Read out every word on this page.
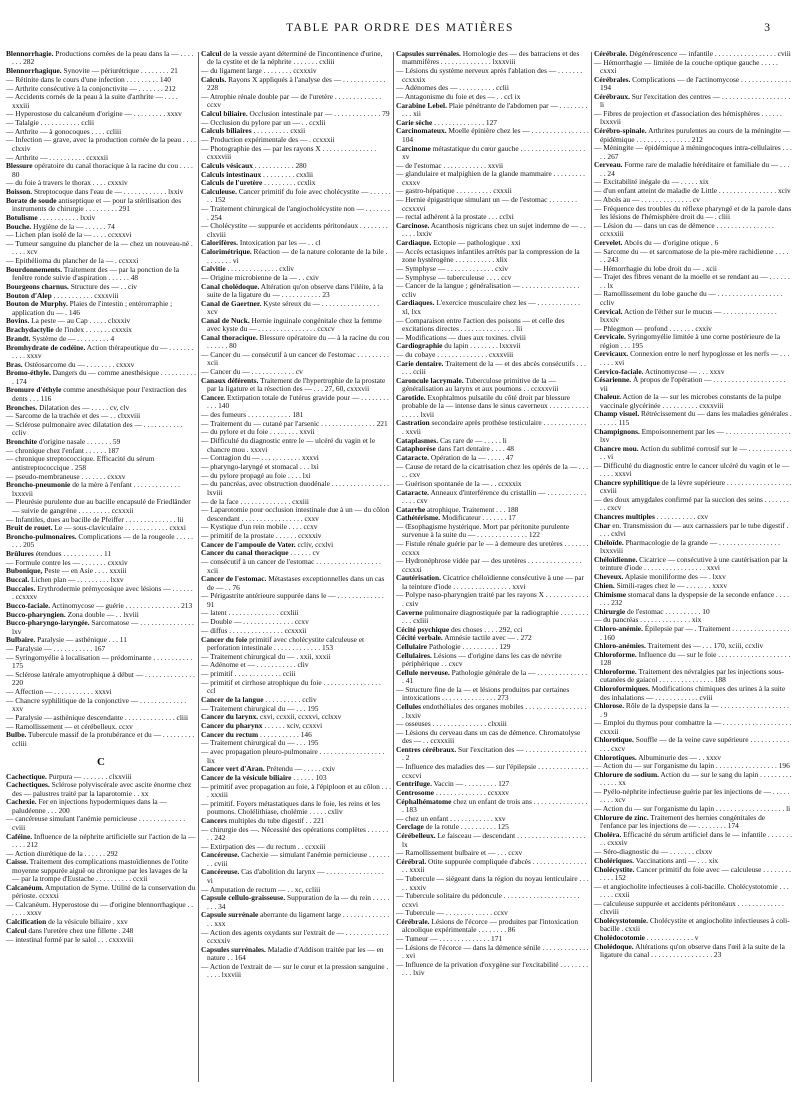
TABLE PAR ORDRE DES MATIÈRES	3
Blennorrhagie. Productions cornées de la peau dans la — . . . . . . . 282
Blennorrhagique. Synovite — périurétrique . . . . . . . . 21
— Rétinite dans le cours d'une infection . . . . . . . . . 140
— Arthrite consécutive à la conjonctivite — . . . . . . . 212
— Accidents cornés de la peau à la suite d'arthrite — . . . . xxxiii
— Hyperostose du calcanéum d'origine — . . . . . . . . . xxxv
— Talalgie . . . . . . . . . . . cclii
— Arthrite — à gonocoques . . . . ccliii
— Infection — grave, avec la production cornée de la peau . . . . clxxiv
— Arthrite — . . . . . . . . . . ccxxxii
Blessure opératoire du canal thoracique à la racine du cou . . . . 80
— du foie à travers le thorax . . . . cxxxiv
Boisson. Streptocoque dans l'eau de — . . . . . . . . . . . . lxxiv
Borate de soude antiseptique et — pour la stérilisation des instruments de chirurgie . . . . . . . . . 291
Botulisme . . . . . . . . . . . lxxiv
Bouche. Hygiène de la — . . . . . . 74
— Lichen plan isolé de la — . . . . ccxxxvi
— Tumeur sanguine du plancher de la — chez un nouveau-né . . . . . xcv
— Epithélioma du plancher de la — . ccxxxi
Bourdonnements. Traitement des — par la ponction de la fenêtre ronde suivie d'aspiration . . . . . . 48
Bourgeons charnus. Structure des — . . civ
Bouton d'Alep . . . . . . . . . . . cxxxviii
Bouton de Murphy. Plaies de l'intestin ; entérorraphie ; application du — . 146
Bovins. La peste — au Cap . . . . . clxxxiv
Brachydactylie de l'index . . . . . . . cxxxix
Brandt. Système de — . . . . . . . . . 4
Bromhydrate de codéine. Action thérapeutique du — . . . . . . . . . . . xxxv
Bras. Ostéosarcome du — . . . . . . . . cxxxv
Bromo-éthyle. Dangers du — comme anesthésique . . . . . . . . . . . 174
Bromure d'éthyle comme anesthésique pour l'extraction des dents . . . 116
Bronches. Dilatation des — . . . . . cv, clv
— Sarcome de la trachée et des — . . clxxviii
— Sclérose pulmonaire avec dilatation des — . . . . . . . . . . . ccliv
Bronchite d'origine nasale . . . . . . . 59
— chronique chez l'enfant . . . . . . 187
— chronique streptococcique. Efficacité du sérum antistreptococcique . 258
— pseudo-membraneuse . . . . . . . cxxxv
Broncho-pneumonie de la mère à l'enfant . . . . . . . . . . . . . lxxxvii
— Pleurésie purulente due au bacille encapsulé de Friedländer — suivie de gangrène . . . . . . . . . ccxxxii
— Infantiles, dues au bacille de Pfeiffer . . . . . . . . . . . . . . lii
Bruit de rouet. Le — sous-claviculaire . . . . . . . . . . . . cxxxi
Broncho-pulmonaires. Complications — de la rougeole . . . . . . . . 205
Brûlures étendues . . . . . . . . . . . 11
— Formule contre les — . . . . . . . cxxxiv
Bubonique, Peste — en Asie . . . . xxxiii
Buccal. Lichen plan — . . . . . . . . . lxxv
Buccales. Erythrodermie prémycosique avec lésions — . . . . . . . ccxxxv
Bucco-faciale. Actinomycose — guérie . . . . . . . . . . . . . . . 213
Bucco-pharyngien. Zona double — . . lxviii
Bucco-pharyngo-laryngée. Sarcomatose — . . . . . . . . . . . . . . . lxv
Bulbaire. Paralysie — asthénique . . . 11
— Paralysie — . . . . . . . . . . . 167
— Syringomyélie à localisation — prédominante . . . . . . . . . . . 175
— Sclérose latérale amyotrophique à début — . . . . . . . . . . . . . . 220
— Affection — . . . . . . . . . . . xxxvi
— Chancre syphilitique de la conjonctive — . . . . . . . . . . . . . xxv
— Paralysie — asthénique descendante . . . . . . . . . . . . . . cliii
— Ramollissement — et cérébelleux. ccxv
Bulbe. Tubercule massif de la protubérance et du — . . . . . . . . . ccliii
C
Cachectique. Purpura — . . . . . . . clxxviii
Cachectiques. Sclérose polyviscérale avec ascite énorme chez des — palustres traité par la laparotomie . . xx
Cachexie. Fer en injections hypodermiques dans la — paludéenne . . . 200
— cancéreuse simulant l'anémie pernicieuse . . . . . . . . . . . . . cviii
Caféine. Influence de la néphrite artificielle sur l'action de la — . . . . 212
— Action diurétique de la . . . . . . 292
Caisse. Traitement des complications mastoïdiennes de l'otite moyenne suppurée aiguë ou chronique par les lavages de la — par la trompe d'Eustache . . . . . . . . . . ccxii
Calcanéum. Amputation de Syme. Utilité de la conservation du périoste. ccxxxi
— Calcanéum. Hyperostose du — d'origine blennorrhagique . . . . . . xxxv
Calcification de la vésicule biliaire . xxv
Calcul dans l'uretère chez une fillette . 248
— intestinal formé par le salol . . . cxxxviii
Calcul de la vessie ayant déterminé de l'incontinence d'urine, de la cystite et de la néphrite . . . . . . . cxliii
— du ligament large . . . . . . . . ccxxxiv
Calculs. Rayons X appliqués à l'analyse des — . . . . . . . . . . . . 228
— Atrophie rénale double par — de l'uretère . . . . . . . . . . . . . ccxv
Calcul biliaire. Occlusion intestinale par — . . . . . . . . . . . . . 79
— Occlusion du pylore par un — . . ccxlii
Calculs biliaires . . . . . . . . . . cxxii
— Production expérimentale des — . ccxxxii
— Photographie des — par les rayons X . . . . . . . . . . . . . . . cxxxviii
Calculs vésicaux . . . . . . . . . . . 280
Calculs intestinaux . . . . . . . . . cxxlii
Calculs de l'uretère . . . . . . . . . ccxlix
Calculeuse. Cancer primitif du foie avec cholécystite — . . . . . . . . 152
— Traitement chirurgical de l'angiocholécystite non — . . . . . . . . 254
— Cholécystite — suppurée et accidents péritonéaux . . . . . . . . clxviii
Calorifères. Intoxication par les — . . cl
Calorimétrique. Réaction — de la nature colorante de la bile . . . . . . . . vi
Calvitie . . . . . . . . . . . . . . cxliv
— Origine microbienne de la — . . cxiv
Canal cholédoque. Altération qu'on observe dans l'iléite, à la suite de la ligature du — . . . . . . . . . . . 23
Canal de Gaertner. Kyste séreux du — . . . . . . . . . . . . . . . . xcv
Canal de Nuck. Hernie inguinale congénitale chez la femme avec kyste du — . . . . . . . . . . . . . . . . ccxcv
Canal thoracique. Blessure opératoire du — à la racine du cou . . . . . . 80
— Cancer du — consécutif à un cancer de l'estomac . . . . . . . . . xcii
— Cancer du — . . . . . . . . . . . . cv
Canaux déférents. Traitement de l'hypertrophie de la prostate par la ligature et la résection des — . . . 27, 60, cxxxvii
Cancer. Extirpation totale de l'utérus gravide pour — . . . . . . . . . . . 140
— des fumeurs . . . . . . . . . . . . 181
— Traitement du — cutané par l'arsenic . . . . . . . . . . . . . . . 221
— du pylore et du foie . . . . . . . . xxvii
— Difficulté du diagnostic entre le — ulcéré du vagin et le chancre mou . xxxvi
— Contagion du — . . . . . . . . . . . xxxvi
— pharyngo-laryngé et stomacal . . . lxi
— du pylore propagé au foie . . . . lxi
— du pancréas, avec obstruction duodénale . . . . . . . . . . . . . . . . lxviii
— de la face . . . . . . . . . . . . . . cxxiii
— Laparotomie pour occlusion intestinale due à un — du côlon descendant . . . . . . . . . . . . . . . . . cxxv
— Kystique d'un rein mobile . . . . ccxv
— primitif de la prostate . . . . . . ccxxxiv
Cancer de l'ampoule de Vater. ccliv, ccxlvi
Cancer du canal thoracique . . . . . . cv
— consécutif à un cancer de l'estomac . . . . . . . . . . . . . . . . . . xcii
Cancer de l'estomac. Métastases exceptionnelles dans un cas de — . . 76
— Périgastrite antérieure suppurée dans le — . . . . . . . . . . . . . 91
— latent . . . . . . . . . . . . . . ccxliii
— Double — . . . . . . . . . . . . . . ccxv
— diffus . . . . . . . . . . . . . . . ccxxxii
Cancer du foie primitif avec cholécystite calculeuse et perforation intestinale . . . . . . . . . . . . . 153
— Traitement chirurgical du — . xxii, xxxii
— Adénome et — . . . . . . . . . . . cliv
— primitif . . . . . . . . . . . . . cciii
— primitif et cirrhose atrophique du foie . . . . . . . . . . . . . . . . ccl
Cancer de la langue . . . . . . . . . . ccliv
— Traitement chirurgical du — . . . 195
Cancer du larynx. cxvi, ccxxii, ccxxvi, cclxxv
Cancer du pharynx . . . . . . xciv, ccxxvi
Cancer du rectum . . . . . . . . . . . 146
— Traitement chirurgical du — . . . 195
— avec propagation pleuro-pulmonaire . . . . . . . . . . . . . . . . . . lix
Cancer vert d'Aran. Prétendu — . . . . . cxiv
Cancer de la vésicule biliaire . . . . . . 103
— primitif avec propagation au foie, à l'épiploon et au côlon . . . . xxxiii
— primitif. Foyers métastatiques dans le foie, les reins et les poumons. Cholélithiase, cholémie . . . . . cxliv
Cancers multiples du tube digestif . . 221
— chirurgie des —. Nécessité des opérations complètes . . . . . . . . 242
— Extirpation des — du rectum . . ccxxiii
Cancéreuse. Cachexie — simulant l'anémie pernicieuse . . . . . . . . cviii
Cancéreuse. Cas d'abolition du larynx — . . . . . . . . . . . . . . . . vi
— Amputation de rectum — . . xc, ccliii
Capsule cellulo-graisseuse. Suppuration de la — du rein . . . . . . . . 34
Capsule surrénale aberrante du ligament large . . . . . . . . . . . . . . . xxx
— Action des agents oxydants sur l'extrait de — . . . . . . . . . . . . ccxxxiv
Capsules surrénales. Maladie d'Addison traitée par les — en nature . . 164
— Action de l'extrait de — sur le cœur et la pression sanguine . . . . . lxxviii
Capsules surrénales. Homologie des — des batraciens et des mammifères . . . . . . . . . . . . . . lxxxviii
— Lésions du système nerveux après l'ablation des — . . . . . . . ccxxxix
— Adénomes des — . . . . . . . . . . cclii
— Antagonisme du foie et des — . . ccl ix
Carabine Lebel. Plaie pénétrante de l'abdomen par — . . . . . . . . . . . xii
Carie sèche . . . . . . . . . . . . . . 127
Carcinomateux. Moelle épinière chez les — . . . . . . . . . . . . . . . . 104
Carcinome métastatique du cœur gauche . . . . . . . . . . . . . . . . . . xv
— de l'estomac . . . . . . . . . . . . xxvii
— glandulaire et malpighien de la glande mammaire . . . . . . . . . cxxxv
— gastro-hépatique . . . . . . . . . . cxxxii
— Hernie épigastrique simulant un — de l'estomac . . . . . . . . ccxxxvi
— rectal adhérent à la prostate . . . cclxi
Carcinose. Acanthosis nigricans chez un sujet indemne de — . . . . . . lxxiv
Cardiaque. Ectopie — pathologique . xxi
— Accès ectasiques infantiles arrêtés par la compression de la zone hystérogène . . . . . . . . . . . xlix
— Symphyse — . . . . . . . . . . . . . cxiv
— Symphyse — tuberculeuse . . . . ccv
— Cancer de la langue ; généralisation — . . . . . . . . . . . . . . . . ccliv
Cardiaques. L'exercice musculaire chez les — . . . . . . . . . . . . xl, lxx
— Comparaison entre l'action des poisons — et celle des excitations directes . . . . . . . . . . . . . . . lii
— Modifications — dues aux toxines. clviii
Cardiographie du lapin . . . . . . . . lxxxvii
— du cobaye . . . . . . . . . . . . . . cxxxviii
Carie dentaire. Traitement de la — et des abcès consécutifs . . . . . . cciii
Caroncule lacrymale. Tuberculose primitive de la — généralisation au larynx et aux poumons . . ccxxxviii
Carotide. Exophtalmos pulsatile du côté droit par blessure probable de la — intense dans le sinus caverneux . . . . . . . . . . . . . . . . lxvii
Castration secondaire après prothèse testiculaire . . . . . . . . . . . . . xxvii
Cataplasmes. Cas rare de — . . . . . li
Cataphorèse dans l'art dentaire . . . . 48
Cataracte. Opération de la — . . . . . 47
— Cause de retard de la cicatrisation chez les opérés de la — . . . . . cxv
— Guérison spontanée de la — . . ccxxxix
Cataracte. Anneaux d'interférence du cristallin — . . . . . . . . . . . . . . . cxv
Catarrhe atrophique. Traitement . . . 188
Cathétérisme. Modificateur . . . . . . . 17
— Œsophagisme hystérique. Mort par péritonite purulente survenue à la suite du — . . . . . . . . . . . . . . 122
— Fistule rénale guérie par le — à demeure des uretères . . . . . . . ccxxx
— Hydronéphrose vidée par — des uretères . . . . . . . . . . . . . . . ccxxxi
Cautérisation. Cicatrice chéloïdienne consécutive à une — par la teinture d'iode . . . . . . . . . . . . . . . . xxvi
— Polype naso-pharyngien traité par les rayons X . . . . . . . . . . . . . cxiv
Caverne pulmonaire diagnostiquée par la radiographie . . . . . . . . . . . cxliii
Cécité psychique des choses . . . . 292, cci
Cécité verbale. Amnésie tactile avec — . 272
Cellulaire Pathologie . . . . . . . . . . 129
Cellulaires. Lésions — d'origine dans les cas de névrite périphérique . . cxcv
Cellule nerveuse. Pathologie générale de la — . . . . . . . . . . . . . . . 41
— Structure fine de la — et lésions produites par certaines intoxications . . . . . . . . . . . . . . . 273
Cellules endothéliales des organes mobiles . . . . . . . . . . . . . . . . . . lxxiv
— osseuses . . . . . . . . . . . . . . . clxxiii
— Lésions du cerveau dans un cas de démence. Chromatolyse des — . . ccxxxiii
Centres cérébraux. Sur l'excitation des — . . . . . . . . . . . . . . . . . . 2
— Influence des maladies des — sur l'épilepsie . . . . . . . . . . . . . . ccxcvi
Centrifuge. Vaccin — . . . . . . . . . 127
Centrosome . . . . . . . . . . . . . . ccxxxv
Céphalhématome chez un enfant de trois ans . . . . . . . . . . . . . . . . 183
— chez un enfant . . . . . . . . . . . . xxv
Cerclage de la rotule . . . . . . . . . . 125
Cérébelleux. Le faisceau — descendant . . . . . . . . . . . . . . . . . . . lx
— Ramollissement bulbaire et — . . . ccxv
Cérébral. Otite suppurée compliquée d'abcès . . . . . . . . . . . . . . . . . xxxii
— Tubercule — siégeant dans la région du noyau lenticulaire . . . . . xxxiv
— Tubercule solitaire du pédoncule . . . . . . . . . . . . . . . . . . . . . ccxvi
— Tubercule — . . . . . . . . . . . . . ccxv
Cérébrale. Lésions de l'écorce — produites par l'intoxication alcoolique expérimentale . . . . . . . . 86
— Tumeur — . . . . . . . . . . . . . . 171
— Lésions de l'écorce — dans la démence sénile . . . . . . . . . . . . . . xvi
— Influence de la privation d'oxygène sur l'excitabilité . . . . . . . . . . . lxiv
Cérébrale. Dégénérescence — infantile . . . . . . . . . . . . . . . . . cviii
— Hémorrhagie — limitée de la couche optique gauche . . . . . cxxxi
Cérébrales. Complications — de l'actinomycose . . . . . . . . . . . . . . 194
Cérébraux. Sur l'excitation des centres — . . . . . . . . . . . . . . . . . . . li
— Fibres de projection et d'association des hémisphères . . . . . . lxxxvii
Cérébro-spinale. Arthrites purulentes au cours de la méningite — épidémique . . . . . . . . . . . . . . . 212
— Méningite — épidémique à méningocoques intra-cellulaires . . . . . 267
Cerveau. Forme rare de maladie héréditaire et familiale du — . . . . . 24
— Excitabilité inégale du — . . . . . xix
— d'un enfant atteint de maladie de Little . . . . . . . . . . . . . . . . xciv
— Abcès au — . . . . . . . . . . . . . . cv
— Fréquence des troubles du réflexe pharyngé et de la parole dans les lésions de l'hémisphère droit du — . cliii
— Lésion du — dans un cas de démence . . . . . . . . . . . . . . . . ccxxxiii
Cervelet. Abcès du — d'origine otique . 6
— Sarcome du — et sarcomatose de la pie-mère rachidienne . . . . . . 243
— Hémorrhagie du lobe droit du — . xcii
— Trajet des fibres venant de la moelle et se rendant au — . . . . . . . . lx
— Ramollissement du lobe gauche du — . . . . . . . . . . . . . . . . . . ccliv
Cervical. Action de l'éther sur le mucus — . . . . . . . . . . . . . . . lxxxiv
— Phlegmon — profond . . . . . . . cxxiv
Cervicale. Syringomyélie limitée à une corne postérieure de la région . . . 195
Cervicaux. Connexion entre le nerf hypoglosse et les nerfs — . . . . . . . xvi
Cervico-faciale. Actinomycose — . . . xxxv
Césarienne. À propos de l'opération — . . . . . . . . . . . . . . . . . . . . vii
Chaleur. Action de la — sur les microbes constants de la pulpe vaccinale glycérinée . . . . . . . . . . cxxxviii
Champ visuel. Rétrécissement du — dans les maladies générales . . . . . . 115
Champignons. Empoisonnement par les — . . . . . . . . . . . . . . . . . . lxv
Chancre mou. Action du sublimé corrosif sur le — . . . . . . . . . . . . . . vi
— Difficulté du diagnostic entre le cancer ulcéré du vagin et le — . . . . xxxvi
Chancre syphilitique de la lèvre supérieure . . . . . . . . . . . . . . . . . . cxviii
— des doux amygdales confirmé par la succion des seins . . . . . . . . . cxcv
Chancres multiples . . . . . . . . . . . cxv
Char en. Transmission du — aux carnassiers par le tube digestif . . . . cxlvi
Chéloïde. Pharmacologie de la grande — . . . . . . . . . . . . . . . . . lxxxviii
Chéloïdienne. Cicatrice — consécutive à une cautérisation par la teinture d'iode . . . . . . . . . . . . . . . . . xxvi
Cheveux. Aplasie moniliforme des — . lxxv
Chien. Simili-rages chez le — . . . . . . . xxxv
Chimisme stomacal dans la dyspepsie de la seconde enfance . . . . . . . 232
Chirurgie de l'estomac . . . . . . . . . . 10
— du pancréas . . . . . . . . . . . . . . xix
Chloro-anémie. Épilepsie par — . Traitement . . . . . . . . . . . . . . . . . 160
Chloro-anémies. Traitement des — . . . 170, xciii, ccxliv
Chloroforme. Influence du — sur le foie . . . . . . . . . . . . . . . . . . . . 128
Chloroforme. Traitement des névralgies par les injections sous-cutanées de gaiacol . . . . . . . . . . . . . . . 188
Chloroformiques. Modifications chimiques des urines à la suite des inhalations — . . . . . . . . . . . . cviii
Chlorose. Rôle de la dyspepsie dans la — . . . . . . . . . . . . . . . . . . . . 9
— Emploi du thymus pour combattre la — . . . . . . . . . . . . . . . . . . . cxxxii
Chlorotique. Souffle — de la veine cave supérieure . . . . . . . . . . . . . . cxcv
Chlorotiques. Albuminurie des — . . xxxv
— Action du — sur l'organisme du lapin . . . . . . . . . . . . . . . . . 196
Chlorure de sodium. Action du — sur le sang du lapin . . . . . . . . . . . . . . xx
— Pyélo-néphrite infectieuse guérie par les injections de — . . . . . . . . . xcv
— Action du — sur l'organisme du lapin . . . . . . . . . . . . . . . . . . . li
Chlorure de zinc. Traitement des hernies congénitales de l'enfance par les injections de — . . . . . . . . 174
Choléra. Efficacité du sérum artificiel dans le — infantile . . . . . . . . . cxxxiv
— Séro-diagnostic du — . . . . . . . clxxv
Cholériques. Vaccinations anti — . . . xix
Cholécystite. Cancer primitif du foie avec — calculeuse . . . . . . . . . . . . 152
— et angiocholite infectieuses à coli-bacille. Cholécystotomie . . . . . . . cxxii
— calculeuse suppurée et accidents péritonéaux . . . . . . . . . . . . . clxviii
Cholécystotomie. Cholécystite et angiocholite infectieuses à coli-bacille . cxxii
Cholédocotomie . . . . . . . . . . . . . v
Cholédoque. Altérations qu'on observe dans l'œil à la suite de la ligature du canal . . . . . . . . . . . . . . . . . 23
